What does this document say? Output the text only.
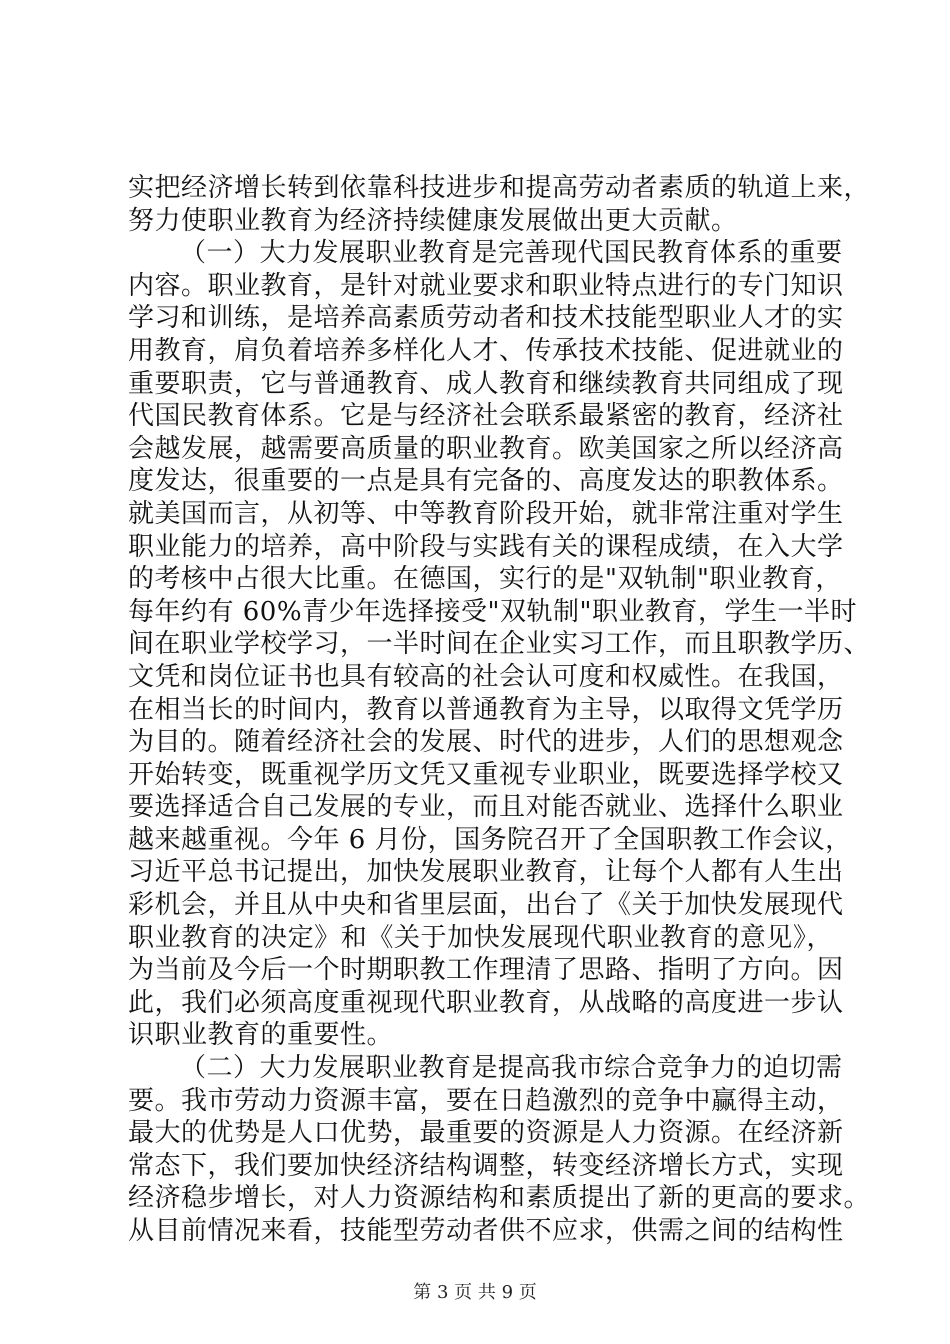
实把经济增长转到依靠科技进步和提高劳动者素质的轨道上来，
努力使职业教育为经济持续健康发展做出更大贡献。
（一）大力发展职业教育是完善现代国民教育体系的重要
内容。职业教育，是针对就业要求和职业特点进行的专门知识
学习和训练，是培养高素质劳动者和技术技能型职业人才的实
用教育，肩负着培养多样化人才、传承技术技能、促进就业的
重要职责，它与普通教育、成人教育和继续教育共同组成了现
代国民教育体系。它是与经济社会联系最紧密的教育，经济社
会越发展，越需要高质量的职业教育。欧美国家之所以经济高
度发达，很重要的一点是具有完备的、高度发达的职教体系。
就美国而言，从初等、中等教育阶段开始，就非常注重对学生
职业能力的培养，高中阶段与实践有关的课程成绩，在入大学
的考核中占很大比重。在德国，实行的是"双轨制"职业教育，
每年约有 60%青少年选择接受"双轨制"职业教育，学生一半时
间在职业学校学习，一半时间在企业实习工作，而且职教学历、
文凭和岗位证书也具有较高的社会认可度和权威性。在我国，
在相当长的时间内，教育以普通教育为主导，以取得文凭学历
为目的。随着经济社会的发展、时代的进步，人们的思想观念
开始转变，既重视学历文凭又重视专业职业，既要选择学校又
要选择适合自己发展的专业，而且对能否就业、选择什么职业
越来越重视。今年 6 月份，国务院召开了全国职教工作会议，
习近平总书记提出，加快发展职业教育，让每个人都有人生出
彩机会，并且从中央和省里层面，出台了《关于加快发展现代
职业教育的决定》和《关于加快发展现代职业教育的意见》，
为当前及今后一个时期职教工作理清了思路、指明了方向。因
此，我们必须高度重视现代职业教育，从战略的高度进一步认
识职业教育的重要性。
（二）大力发展职业教育是提高我市综合竞争力的迫切需
要。我市劳动力资源丰富，要在日趋激烈的竞争中赢得主动，
最大的优势是人口优势，最重要的资源是人力资源。在经济新
常态下，我们要加快经济结构调整，转变经济增长方式，实现
经济稳步增长，对人力资源结构和素质提出了新的更高的要求。
从目前情况来看，技能型劳动者供不应求，供需之间的结构性
第 3 页 共 9 页
